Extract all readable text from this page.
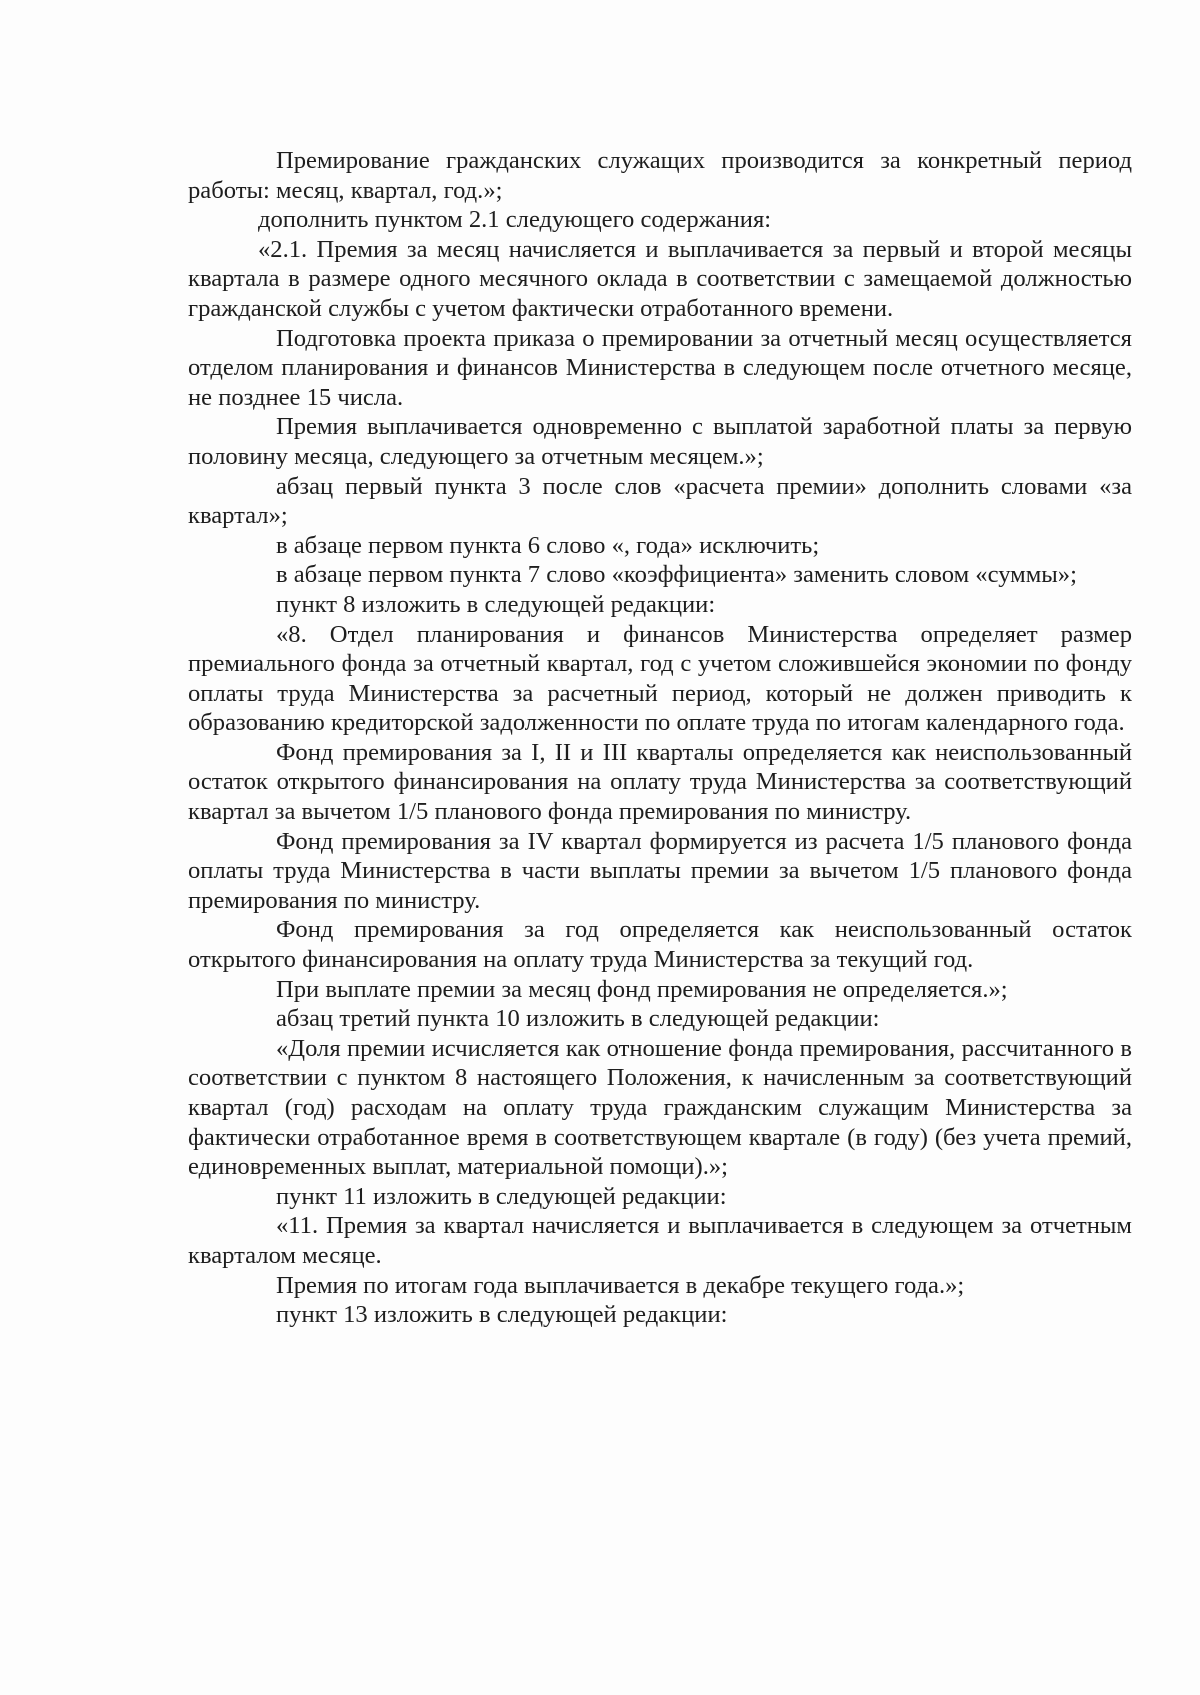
Премирование гражданских служащих производится за конкретный период работы: месяц, квартал, год.»;

дополнить пунктом 2.1 следующего содержания:

«2.1. Премия за месяц начисляется и выплачивается за первый и второй месяцы квартала в размере одного месячного оклада в соответствии с замещаемой должностью гражданской службы с учетом фактически отработанного времени.

Подготовка проекта приказа о премировании за отчетный месяц осуществляется отделом планирования и финансов Министерства в следующем после отчетного месяце, не позднее 15 числа.

Премия выплачивается одновременно с выплатой заработной платы за первую половину месяца, следующего за отчетным месяцем.»;

абзац первый пункта 3 после слов «расчета премии» дополнить словами «за квартал»;

в абзаце первом пункта 6 слово «, года» исключить;

в абзаце первом пункта 7 слово «коэффициента» заменить словом «суммы»;

пункт 8 изложить в следующей редакции:

«8. Отдел планирования и финансов Министерства определяет размер премиального фонда за отчетный квартал, год с учетом сложившейся экономии по фонду оплаты труда Министерства за расчетный период, который не должен приводить к образованию кредиторской задолженности по оплате труда по итогам календарного года.

Фонд премирования за I, II и III кварталы определяется как неиспользованный остаток открытого финансирования на оплату труда Министерства за соответствующий квартал за вычетом 1/5 планового фонда премирования по министру.

Фонд премирования за IV квартал формируется из расчета 1/5 планового фонда оплаты труда Министерства в части выплаты премии за вычетом 1/5 планового фонда премирования по министру.

Фонд премирования за год определяется как неиспользованный остаток открытого финансирования на оплату труда Министерства за текущий год.

При выплате премии за месяц фонд премирования не определяется.»;

абзац третий пункта 10 изложить в следующей редакции:

«Доля премии исчисляется как отношение фонда премирования, рассчитанного в соответствии с пунктом 8 настоящего Положения, к начисленным за соответствующий квартал (год) расходам на оплату труда гражданским служащим Министерства за фактически отработанное время в соответствующем квартале (в году) (без учета премий, единовременных выплат, материальной помощи).»;

пункт 11 изложить в следующей редакции:

«11. Премия за квартал начисляется и выплачивается в следующем за отчетным кварталом месяце.

Премия по итогам года выплачивается в декабре текущего года.»;

пункт 13 изложить в следующей редакции:
